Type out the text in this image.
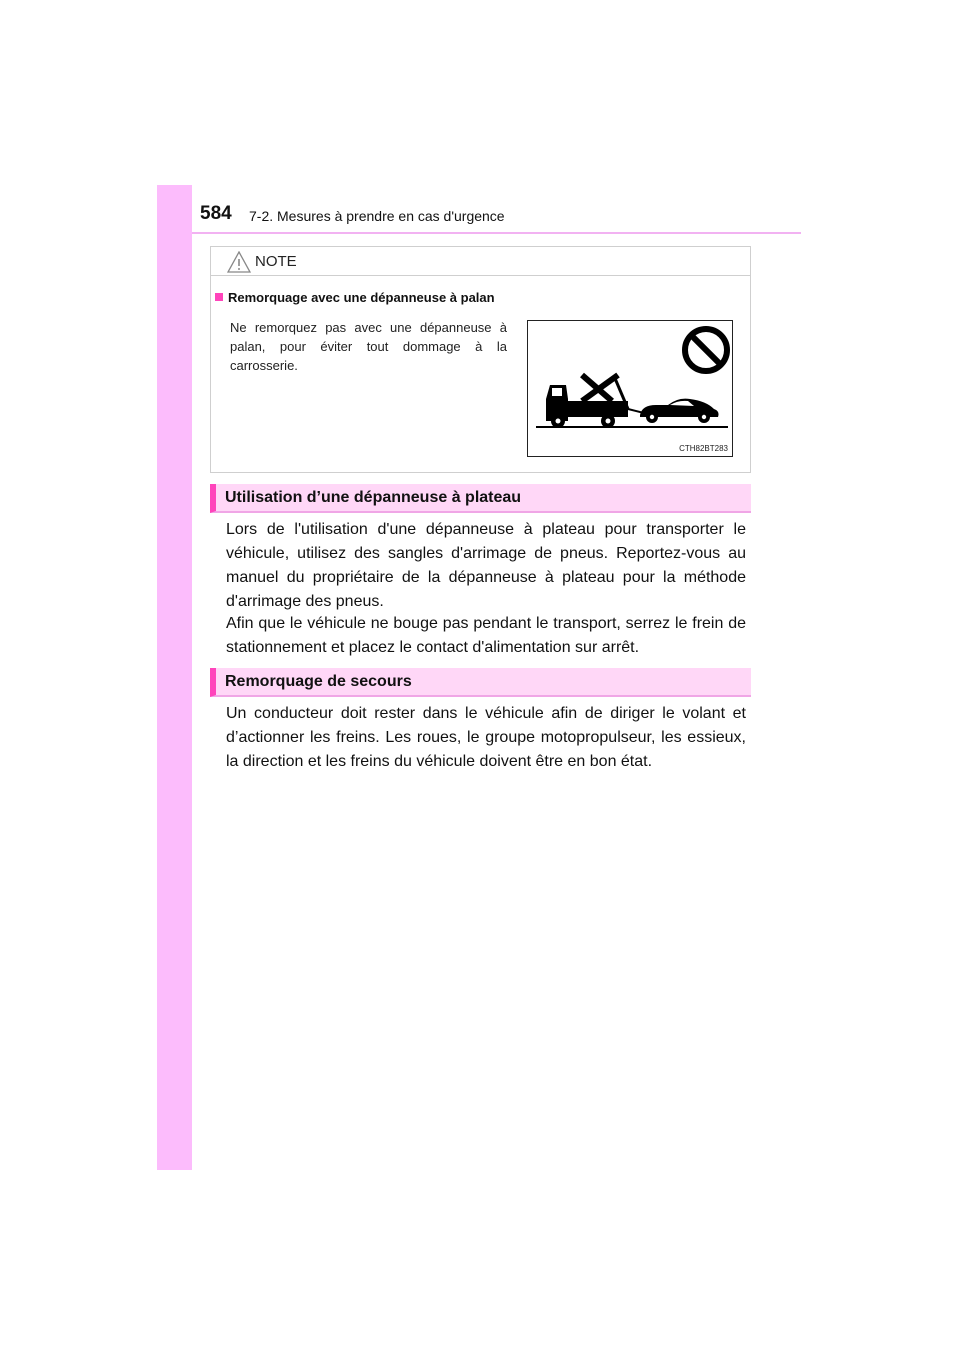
584 7-2. Mesures à prendre en cas d'urgence
NOTE
Remorquage avec une dépanneuse à palan
Ne remorquez pas avec une dépanneuse à palan, pour éviter tout dommage à la carrosserie.
CTH82BT283
Utilisation d’une dépanneuse à plateau
Lors de l'utilisation d'une dépanneuse à plateau pour transporter le véhicule, utilisez des sangles d'arrimage de pneus. Reportez-vous au manuel du propriétaire de la dépanneuse à plateau pour la méthode d'arrimage des pneus.
Afin que le véhicule ne bouge pas pendant le transport, serrez le frein de stationnement et placez le contact d'alimentation sur arrêt.
Remorquage de secours
Un conducteur doit rester dans le véhicule afin de diriger le volant et d’actionner les freins. Les roues, le groupe motopropulseur, les essieux, la direction et les freins du véhicule doivent être en bon état.
